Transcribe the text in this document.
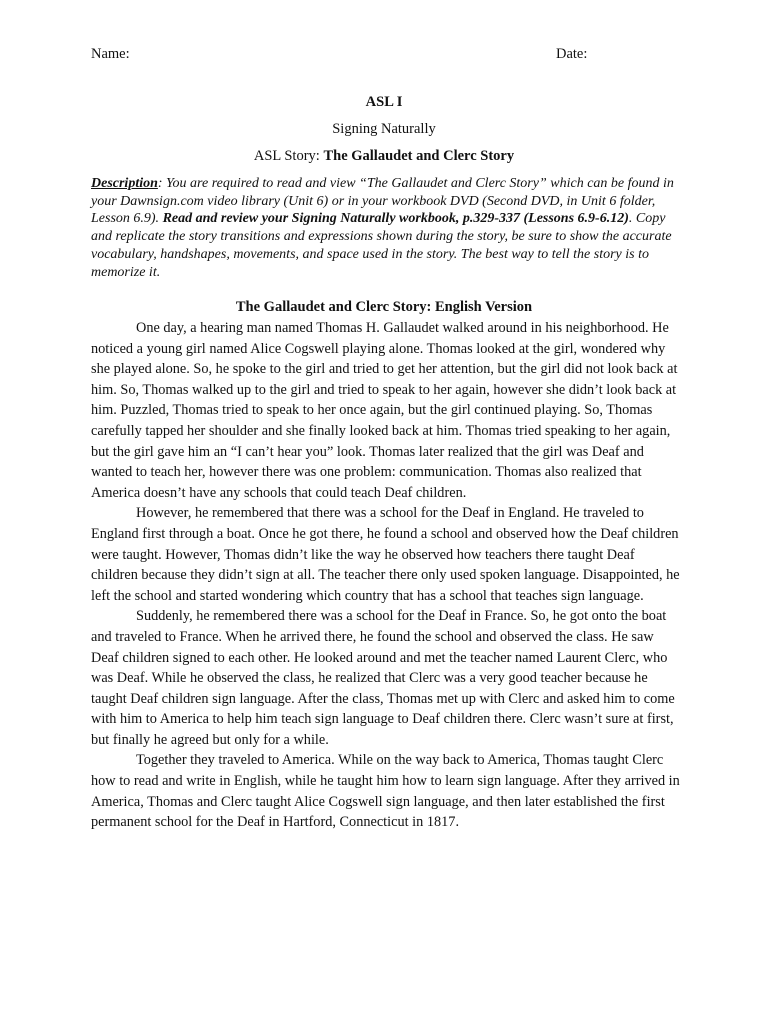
Name:	Date:
ASL I
Signing Naturally
ASL Story: The Gallaudet and Clerc Story
Description: You are required to read and view “The Gallaudet and Clerc Story” which can be found in your Dawnsign.com video library (Unit 6) or in your workbook DVD (Second DVD, in Unit 6 folder, Lesson 6.9). Read and review your Signing Naturally workbook, p.329-337 (Lessons 6.9-6.12). Copy and replicate the story transitions and expressions shown during the story, be sure to show the accurate vocabulary, handshapes, movements, and space used in the story. The best way to tell the story is to memorize it.
The Gallaudet and Clerc Story: English Version

One day, a hearing man named Thomas H. Gallaudet walked around in his neighborhood. He noticed a young girl named Alice Cogswell playing alone. Thomas looked at the girl, wondered why she played alone. So, he spoke to the girl and tried to get her attention, but the girl did not look back at him. So, Thomas walked up to the girl and tried to speak to her again, however she didn’t look back at him. Puzzled, Thomas tried to speak to her once again, but the girl continued playing. So, Thomas carefully tapped her shoulder and she finally looked back at him. Thomas tried speaking to her again, but the girl gave him an “I can’t hear you” look. Thomas later realized that the girl was Deaf and wanted to teach her, however there was one problem: communication. Thomas also realized that America doesn’t have any schools that could teach Deaf children.

However, he remembered that there was a school for the Deaf in England. He traveled to England first through a boat. Once he got there, he found a school and observed how the Deaf children were taught. However, Thomas didn’t like the way he observed how teachers there taught Deaf children because they didn’t sign at all. The teacher there only used spoken language. Disappointed, he left the school and started wondering which country that has a school that teaches sign language.

Suddenly, he remembered there was a school for the Deaf in France. So, he got onto the boat and traveled to France. When he arrived there, he found the school and observed the class. He saw Deaf children signed to each other. He looked around and met the teacher named Laurent Clerc, who was Deaf. While he observed the class, he realized that Clerc was a very good teacher because he taught Deaf children sign language. After the class, Thomas met up with Clerc and asked him to come with him to America to help him teach sign language to Deaf children there. Clerc wasn’t sure at first, but finally he agreed but only for a while.

Together they traveled to America. While on the way back to America, Thomas taught Clerc how to read and write in English, while he taught him how to learn sign language. After they arrived in America, Thomas and Clerc taught Alice Cogswell sign language, and then later established the first permanent school for the Deaf in Hartford, Connecticut in 1817.
